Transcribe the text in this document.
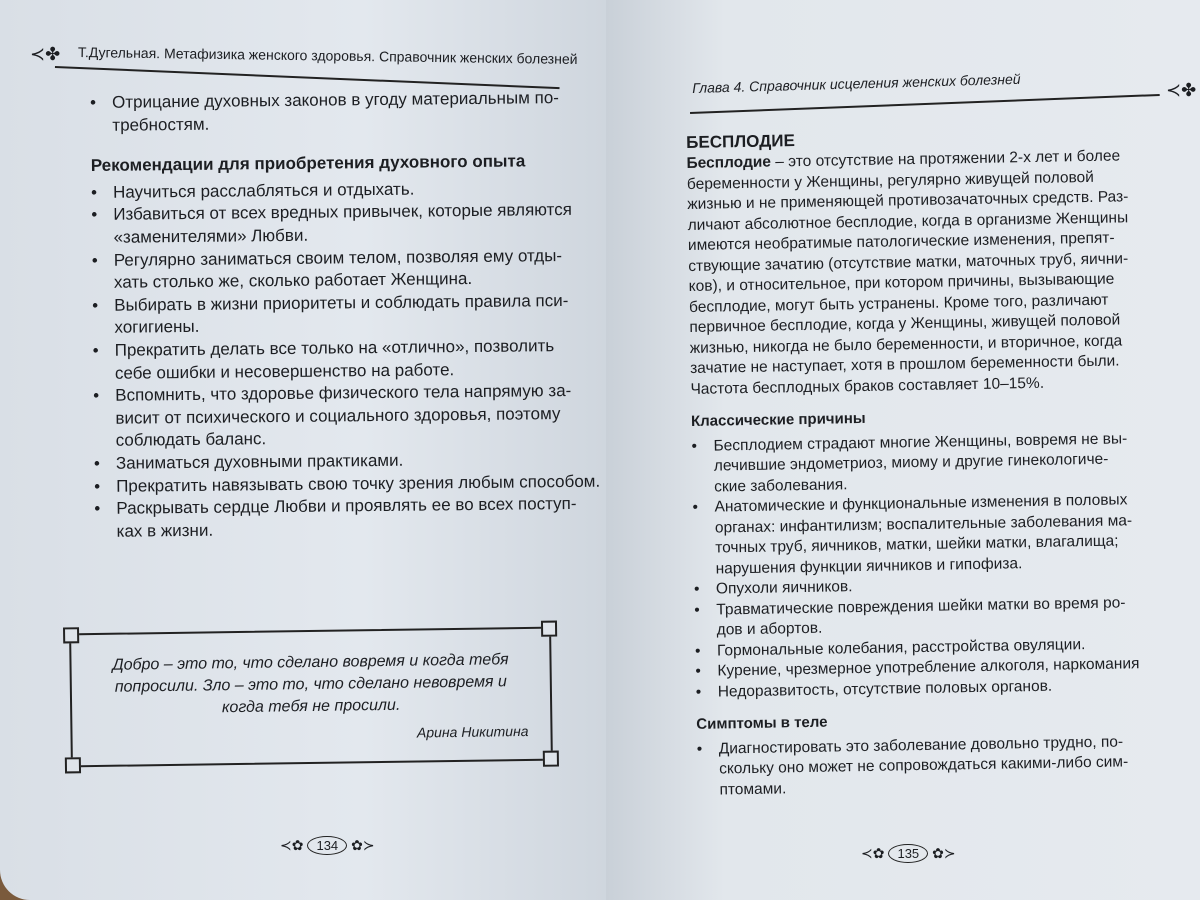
≺✤ Т.Дугельная. Метафизика женского здоровья. Справочник женских болезней
• Отрицание духовных законов в угоду материальным по-
требностям.
Рекомендации для приобретения духовного опыта
• Научиться расслабляться и отдыхать.
• Избавиться от всех вредных привычек, которые являются
«заменителями» Любви.
• Регулярно заниматься своим телом, позволяя ему отды-
хать столько же, сколько работает Женщина.
• Выбирать в жизни приоритеты и соблюдать правила пси-
хогигиены.
• Прекратить делать все только на «отлично», позволить
себе ошибки и несовершенство на работе.
• Вспомнить, что здоровье физического тела напрямую за-
висит от психического и социального здоровья, поэтому
соблюдать баланс.
• Заниматься духовными практиками.
• Прекратить навязывать свою точку зрения любым способом.
• Раскрывать сердце Любви и проявлять ее во всех поступ-
ках в жизни.
Добро – это то, что сделано вовремя и когда тебя
попросили. Зло – это то, что сделано невовремя и
когда тебя не просили.
Арина Никитина
≺✿	134 ✿≻
Глава 4. Справочник исцеления женских болезней	≺✤
БЕСПЛОДИЕ
Бесплодие – это отсутствие на протяжении 2-х лет и более
беременности у Женщины, регулярно живущей половой
жизнью и не применяющей противозачаточных средств. Раз-
личают абсолютное бесплодие, когда в организме Женщины
имеются необратимые патологические изменения, препят-
ствующие зачатию (отсутствие матки, маточных труб, яични-
ков), и относительное, при котором причины, вызывающие
бесплодие, могут быть устранены. Кроме того, различают
первичное бесплодие, когда у Женщины, живущей половой
жизнью, никогда не было беременности, и вторичное, когда
зачатие не наступает, хотя в прошлом беременности были.
Частота бесплодных браков составляет 10–15%.
Классические причины
• Бесплодием страдают многие Женщины, вовремя не вы-
лечившие эндометриоз, миому и другие гинекологиче-
ские заболевания.
• Анатомические и функциональные изменения в половых
органах: инфантилизм; воспалительные заболевания ма-
точных труб, яичников, матки, шейки матки, влагалища;
нарушения функции яичников и гипофиза.
• Опухоли яичников.
• Травматические повреждения шейки матки во время ро-
дов и абортов.
• Гормональные колебания, расстройства овуляции.
• Курение, чрезмерное употребление алкоголя, наркомания
• Недоразвитость, отсутствие половых органов.
Симптомы в теле
• Диагностировать это заболевание довольно трудно, по-
скольку оно может не сопровождаться какими-либо сим-
птомами.
≺✿	135 ✿≻
